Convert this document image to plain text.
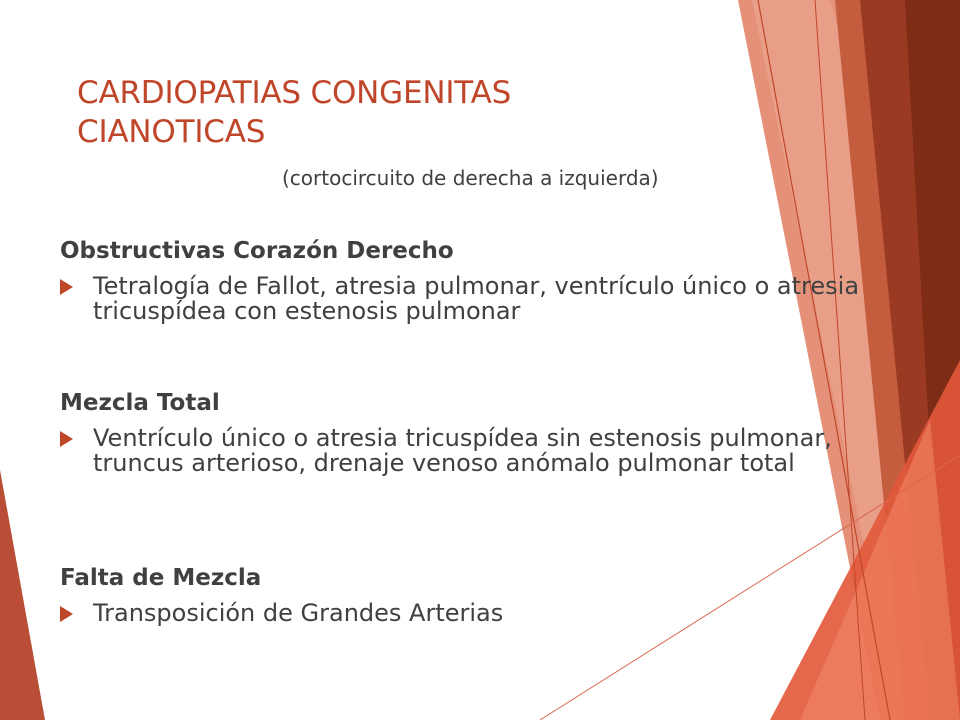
CARDIOPATIAS CONGENITAS CIANOTICAS

(cortocircuito de derecha a izquierda)

Obstructivas Corazón Derecho

Tetralogía de Fallot, atresia pulmonar, ventrículo único o atresia tricuspídea con estenosis pulmonar

Mezcla Total

Ventrículo único o atresia tricuspídea sin estenosis pulmonar, truncus arterioso, drenaje venoso anómalo pulmonar total

Falta de Mezcla

Transposición de Grandes Arterias
